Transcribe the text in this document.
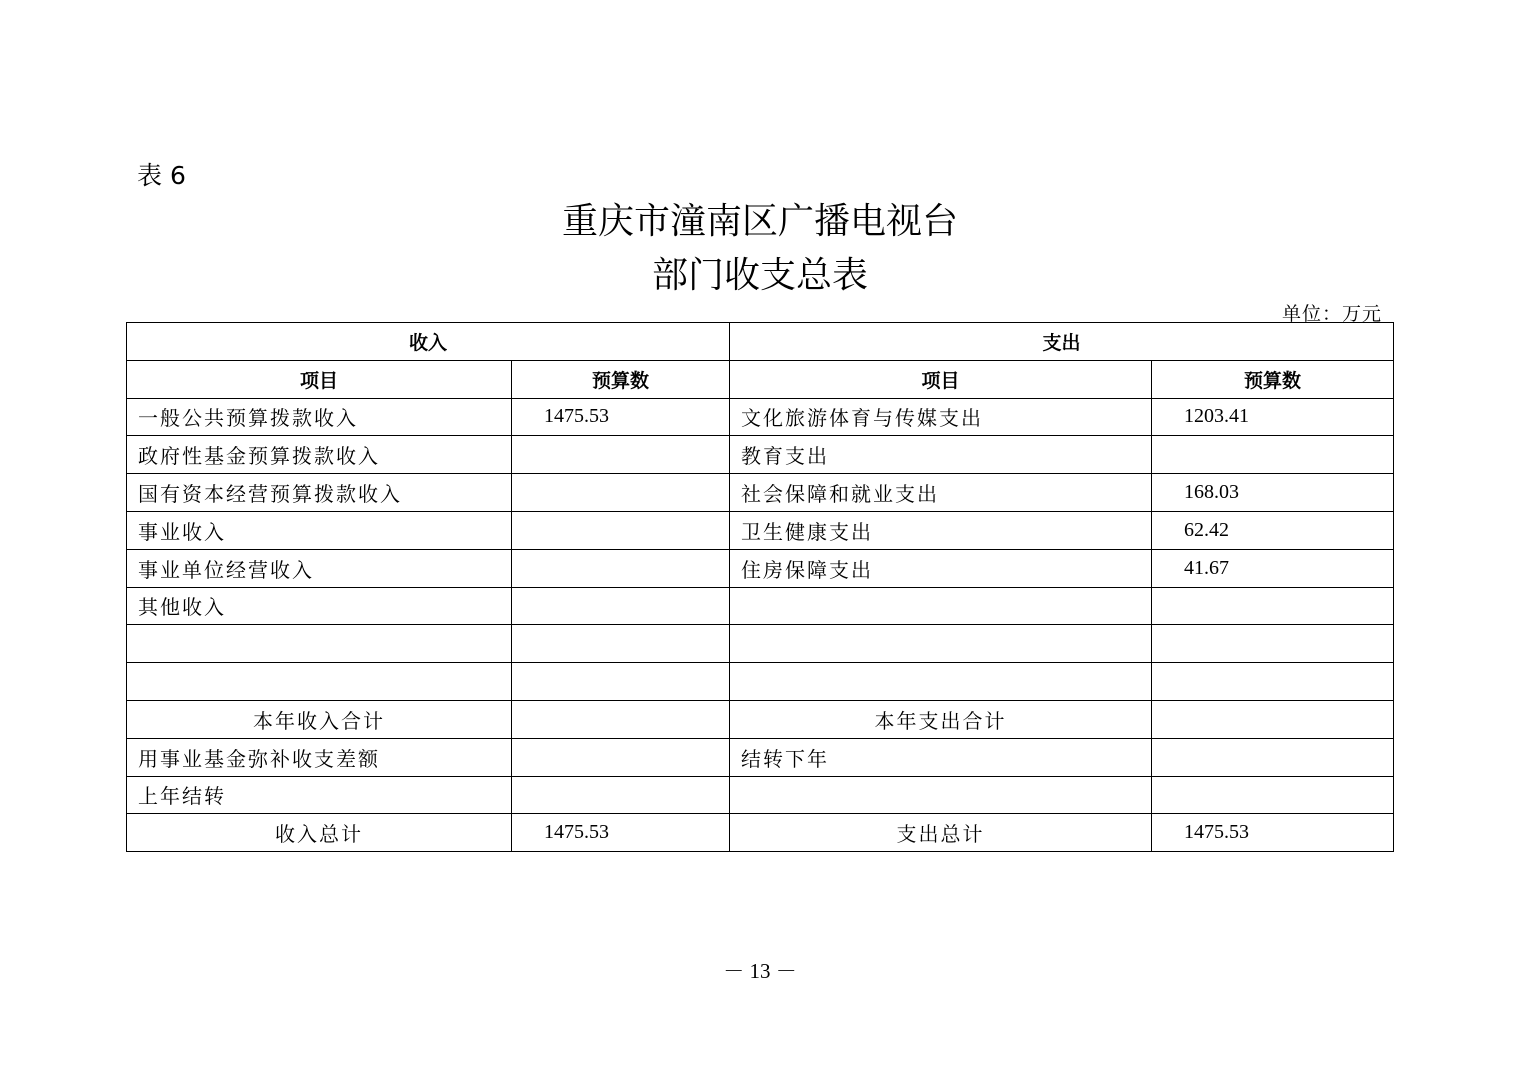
表 6
重庆市潼南区广播电视台
部门收支总表
单位：万元
收入		支出	
项目	预算数	项目	预算数
一般公共预算拨款收入	1475.53	文化旅游体育与传媒支出	1203.41
政府性基金预算拨款收入		教育支出	
国有资本经营预算拨款收入		社会保障和就业支出	168.03
事业收入		卫生健康支出	62.42
事业单位经营收入		住房保障支出	41.67
其他收入			

本年收入合计		本年支出合计	
用事业基金弥补收支差额		结转下年	
上年结转			
收入总计	1475.53	支出总计	1475.53
－ 13 －
